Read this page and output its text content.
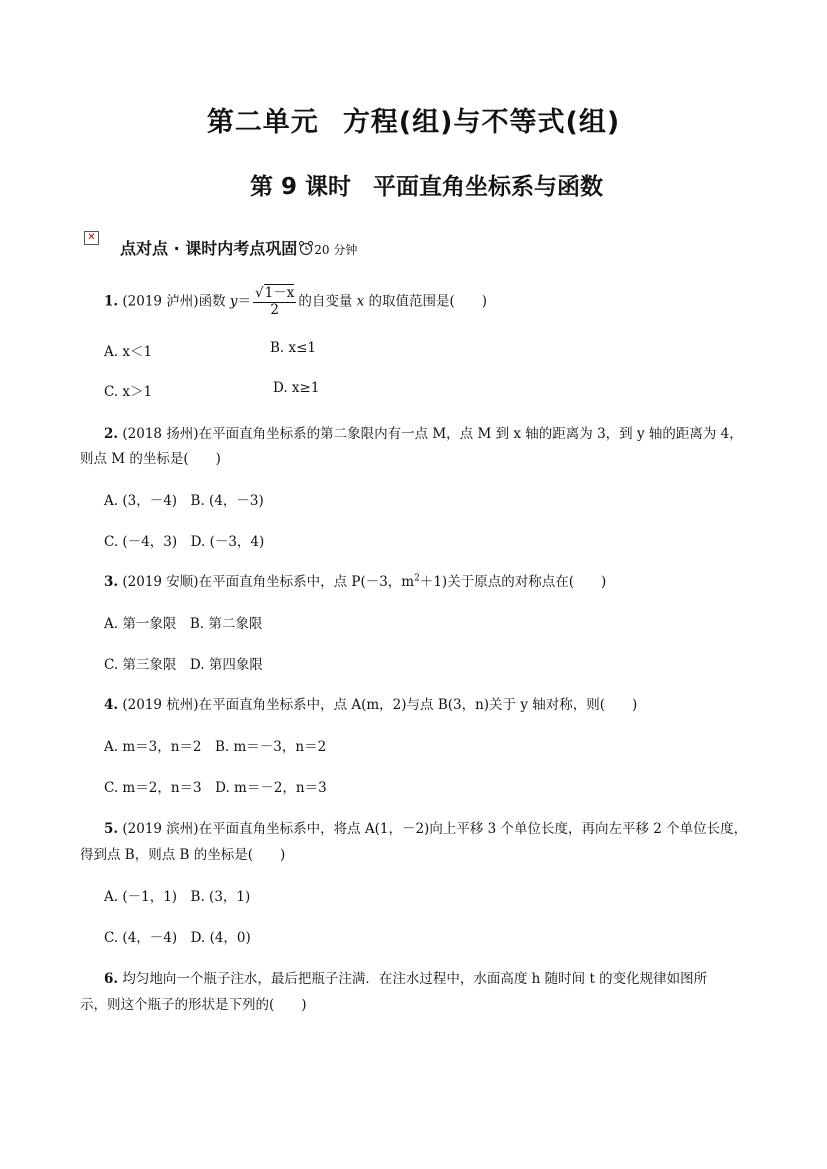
第二单元 方程(组)与不等式(组)
第 9 课时 平面直角坐标系与函数
✕
点对点 · 课时内考点巩固 20 分钟
1. (2019 泸州)函数 $y= \frac{√1-x}{2}$ 的自变量 x 的取值范围是(　　)
A. x＜1	B. x≤1
C. x＞1	D. x≥1
2. (2018 扬州)在平面直角坐标系的第二象限内有一点 M，点 M 到 x 轴的距离为 3，到 y 轴的距离为 4，
则点 M 的坐标是(　　)
A. (3，－4)　B. (4，－3)
C. (－4，3)　D. (－3，4)
3. (2019 安顺)在平面直角坐标系中，点 P(－3，$m^2+1$)关于原点的对称点在(　　)
A. 第一象限　B. 第二象限
C. 第三象限　D. 第四象限
4. (2019 杭州)在平面直角坐标系中，点 A(m，2)与点 B(3，n)关于 y 轴对称，则(　　)
A. m＝3，n＝2　B. m＝－3，n＝2
C. m＝2，n＝3　D. m＝－2，n＝3
5. (2019 滨州)在平面直角坐标系中，将点 A(1，－2)向上平移 3 个单位长度，再向左平移 2 个单位长度，
得到点 B，则点 B 的坐标是(　　)
A. (－1，1)　B. (3，1)
C. (4，－4)　D. (4，0)
6. 均匀地向一个瓶子注水，最后把瓶子注满．在注水过程中，水面高度 h 随时间 t 的变化规律如图所
示，则这个瓶子的形状是下列的(　　)
